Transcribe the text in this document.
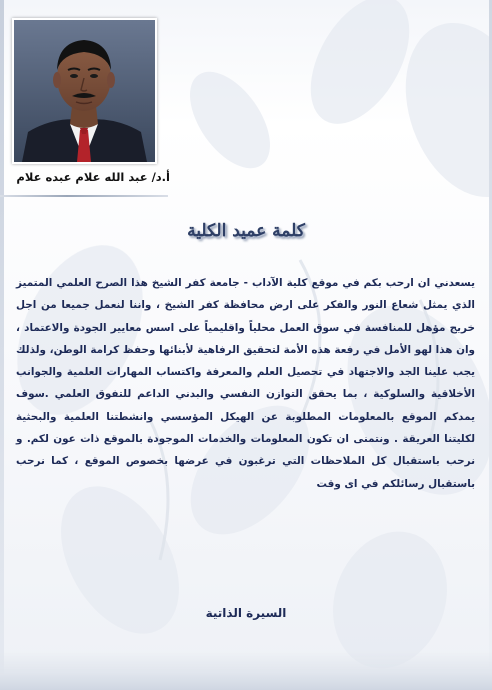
أ.د/ عبد الله علام عبده علام
كلمة عميد الكلية
يسعدني ان ارحب بكم في موقع كلية الآداب - جامعة كفر الشيخ هذا الصرح العلمي المتميز الذي يمثل شعاع النور والفكر على ارض محافظة كفر الشيخ ، واننا لنعمل جميعا من اجل خريج مؤهل للمنافسة في سوق العمل محلياً واقليمياً على اسس معايير الجودة والاعتماد ، وان هذا لهو الأمل في رفعة هذه الأمة لتحقيق الرفاهية لأبنائها وحفظ كرامة الوطن، ولذلك يجب علينا الجد والاجتهاد في تحصيل العلم والمعرفة واكتساب المهارات العلمية والجوانب الأخلاقية والسلوكية ، بما يحقق التوازن النفسي والبدني الداعم للتفوق العلمي .سوف يمدكم الموقع بالمعلومات المطلوبة عن الهيكل المؤسسي وانشطتنا العلمية والبحثية لكليتنا العريقة . ونتمنى ان تكون المعلومات والخدمات الموجودة بالموقع ذات عون لكم. و نرحب باستقبال كل الملاحظات التي ترغبون في عرضها بخصوص الموقع ، كما نرحب باستقبال رسائلكم في اى وقت
السيرة الذاتية
